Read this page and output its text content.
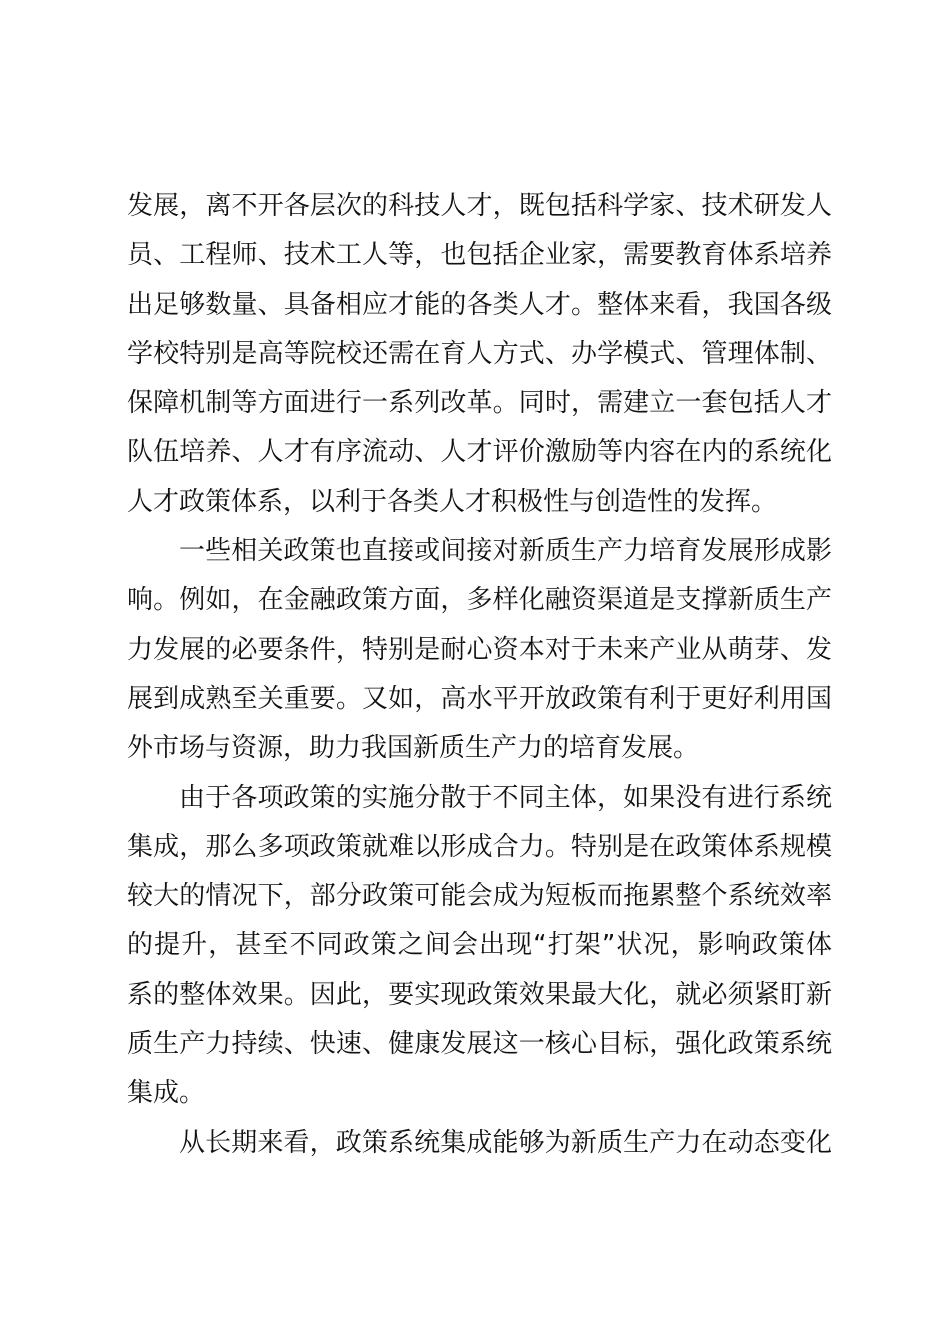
发展，离不开各层次的科技人才，既包括科学家、技术研发人
员、工程师、技术工人等，也包括企业家，需要教育体系培养
出足够数量、具备相应才能的各类人才。整体来看，我国各级
学校特别是高等院校还需在育人方式、办学模式、管理体制、
保障机制等方面进行一系列改革。同时，需建立一套包括人才
队伍培养、人才有序流动、人才评价激励等内容在内的系统化
人才政策体系，以利于各类人才积极性与创造性的发挥。
一些相关政策也直接或间接对新质生产力培育发展形成影
响。例如，在金融政策方面，多样化融资渠道是支撑新质生产
力发展的必要条件，特别是耐心资本对于未来产业从萌芽、发
展到成熟至关重要。又如，高水平开放政策有利于更好利用国
外市场与资源，助力我国新质生产力的培育发展。
由于各项政策的实施分散于不同主体，如果没有进行系统
集成，那么多项政策就难以形成合力。特别是在政策体系规模
较大的情况下，部分政策可能会成为短板而拖累整个系统效率
的提升，甚至不同政策之间会出现“打架”状况，影响政策体
系的整体效果。因此，要实现政策效果最大化，就必须紧盯新
质生产力持续、快速、健康发展这一核心目标，强化政策系统
集成。
从长期来看，政策系统集成能够为新质生产力在动态变化
